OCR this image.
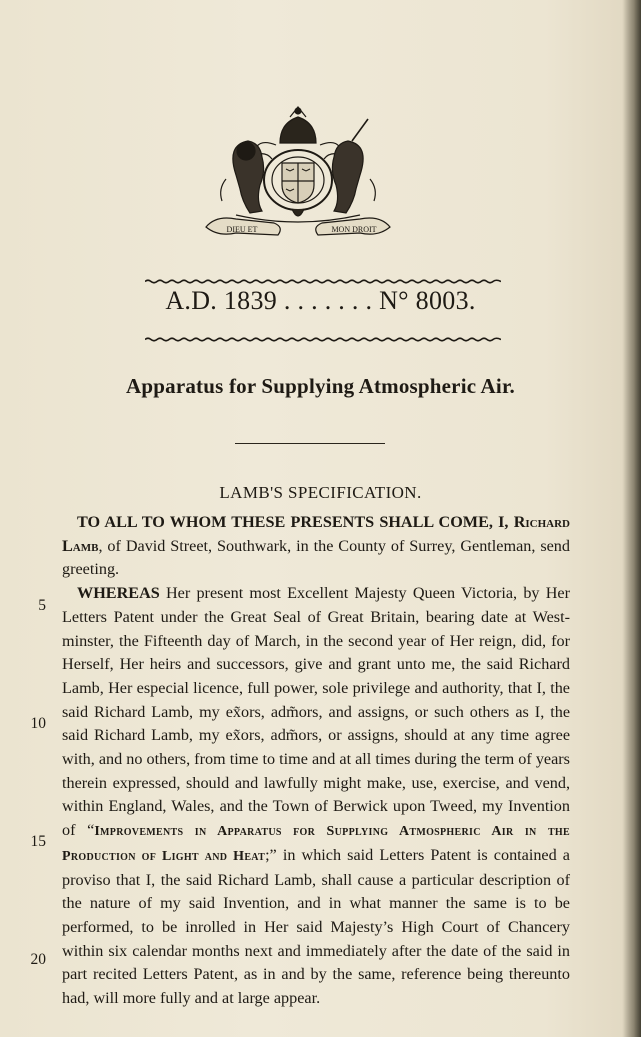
DIEU ET	MON DROIT
A.D. 1839 . . . . . . . N° 8003.
Apparatus for Supplying Atmospheric Air.
LAMB'S SPECIFICATION.
5
10
15
20

TO ALL TO WHOM THESE PRESENTS SHALL COME, I, Richard Lamb, of David Street, Southwark, in the County of Surrey, Gentleman, send greeting.

WHEREAS Her present most Excellent Majesty Queen Victoria, by Her Letters Patent under the Great Seal of Great Britain, bearing date at West-minster, the Fifteenth day of March, in the second year of Her reign, did, for Herself, Her heirs and successors, give and grant unto me, the said Richard Lamb, Her especial licence, full power, sole privilege and authority, that I, the said Richard Lamb, my ex̃ors, adm̃ors, and assigns, or such others as I, the said Richard Lamb, my ex̃ors, adm̃ors, or assigns, should at any time agree with, and no others, from time to time and at all times during the term of years therein expressed, should and lawfully might make, use, exercise, and vend, within England, Wales, and the Town of Berwick upon Tweed, my Invention of “Improvements in Apparatus for Supplying Atmospheric Air in the Production of Light and Heat;” in which said Letters Patent is contained a proviso that I, the said Richard Lamb, shall cause a particular description of the nature of my said Invention, and in what manner the same is to be performed, to be inrolled in Her said Majesty’s High Court of Chancery within six calendar months next and immediately after the date of the said in part recited Letters Patent, as in and by the same, reference being thereunto had, will more fully and at large appear.
